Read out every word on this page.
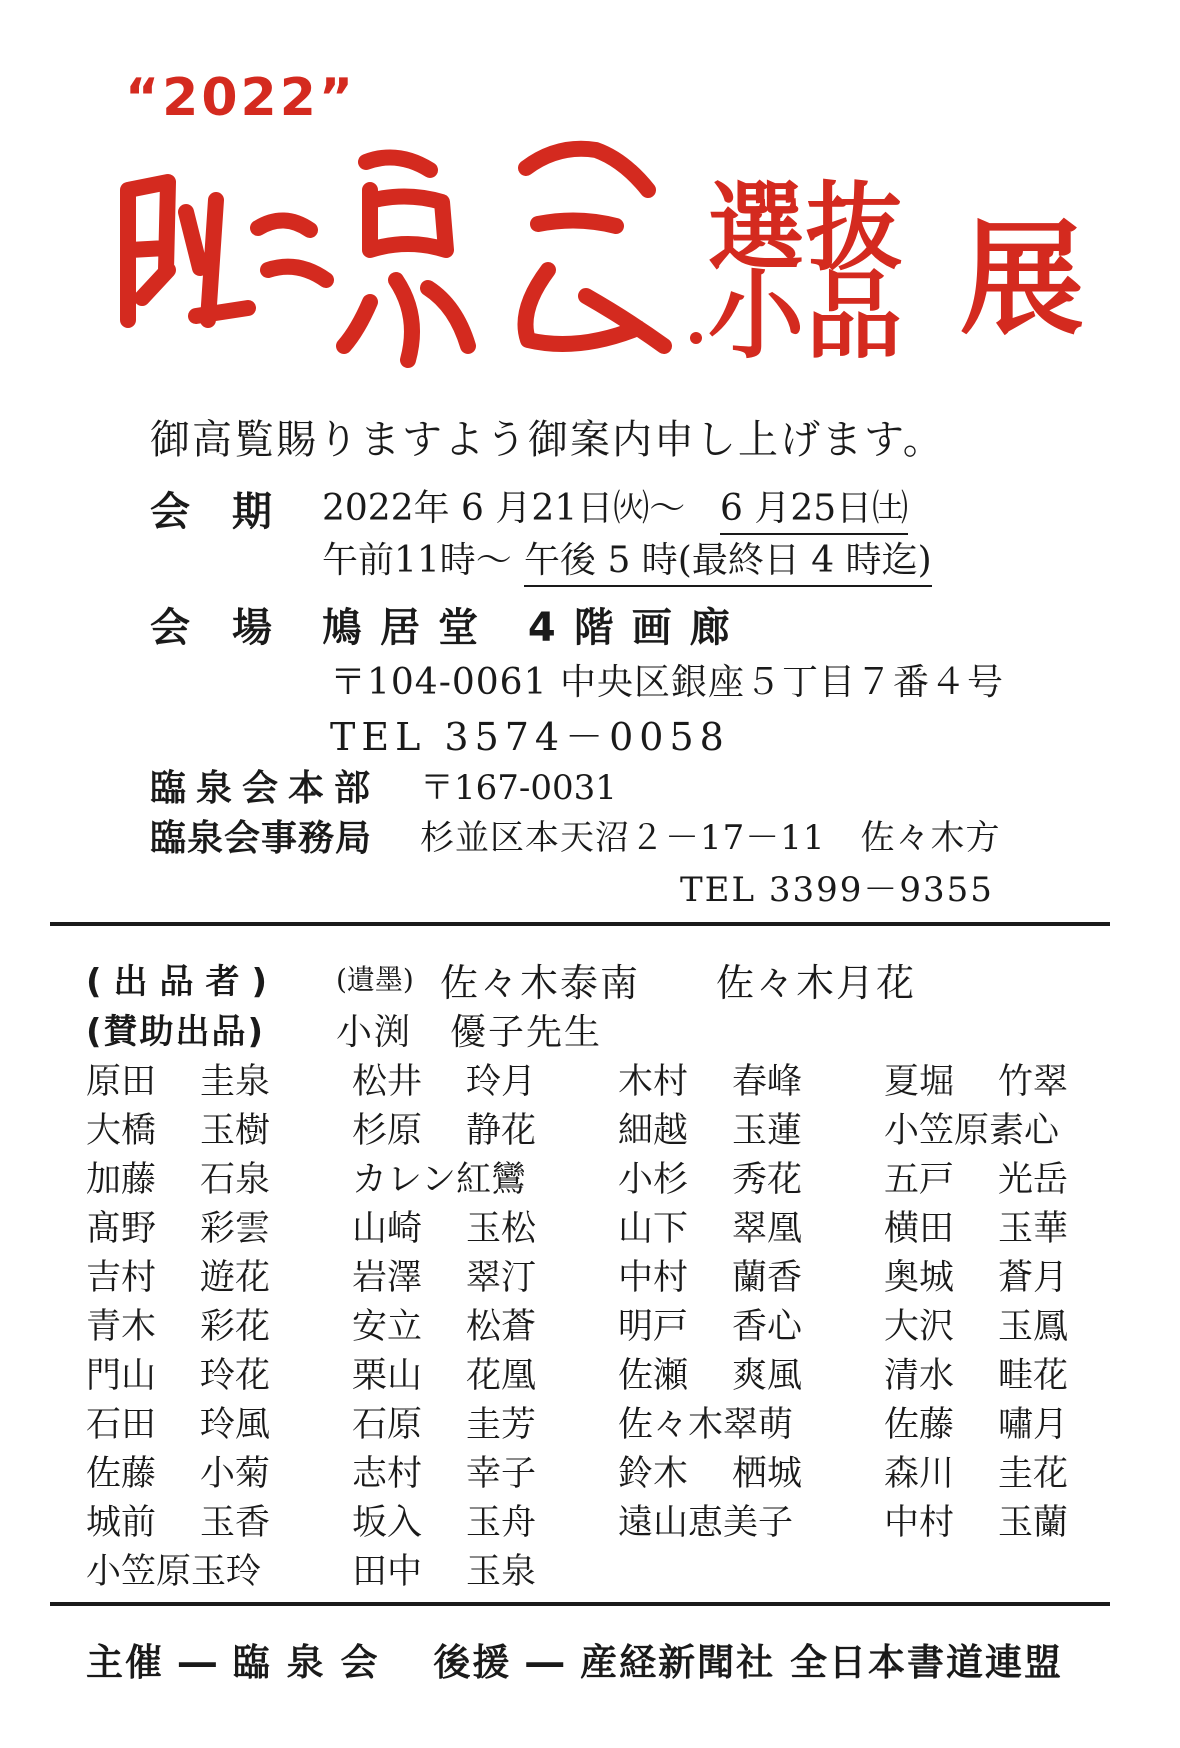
“2022”
選抜
小品 展
御高覧賜りますよう御案内申し上げます。
会期 2022年 6 月21日㈫〜 6 月25日㈯
午前11時〜 午後 5 時(最終日 4 時迄)
会場 鳩居堂 4階画廊
〒104-0061 中央区銀座５丁目７番４号
TEL 3574－0058
臨泉会本部 〒167-0031
臨泉会事務局 杉並区本天沼２－17－11　佐々木方
TEL 3399－9355
(出品者) (遺墨) 佐々木泰南 佐々木月花
(賛助出品) 小渕　優子先生
原田 圭泉
大橋 玉樹
加藤 石泉
髙野 彩雲
吉村 遊花
青木 彩花
門山 玲花
石田 玲風
佐藤 小菊
城前 玉香
小笠原玉玲
松井 玲月
杉原 静花
カレン紅鸞
山崎 玉松
岩澤 翠汀
安立 松蒼
栗山 花凰
石原 圭芳
志村 幸子
坂入 玉舟
田中 玉泉
木村 春峰
細越 玉蓮
小杉 秀花
山下 翠凰
中村 蘭香
明戸 香心
佐瀬 爽風
佐々木翠萌
鈴木 栖城
遠山恵美子
夏堀 竹翠
小笠原素心
五戸 光岳
横田 玉華
奥城 蒼月
大沢 玉鳳
清水 畦花
佐藤 嘯月
森川 圭花
中村 玉蘭
主催 ― 臨 泉 会　 後援 ― 産経新聞社 全日本書道連盟
